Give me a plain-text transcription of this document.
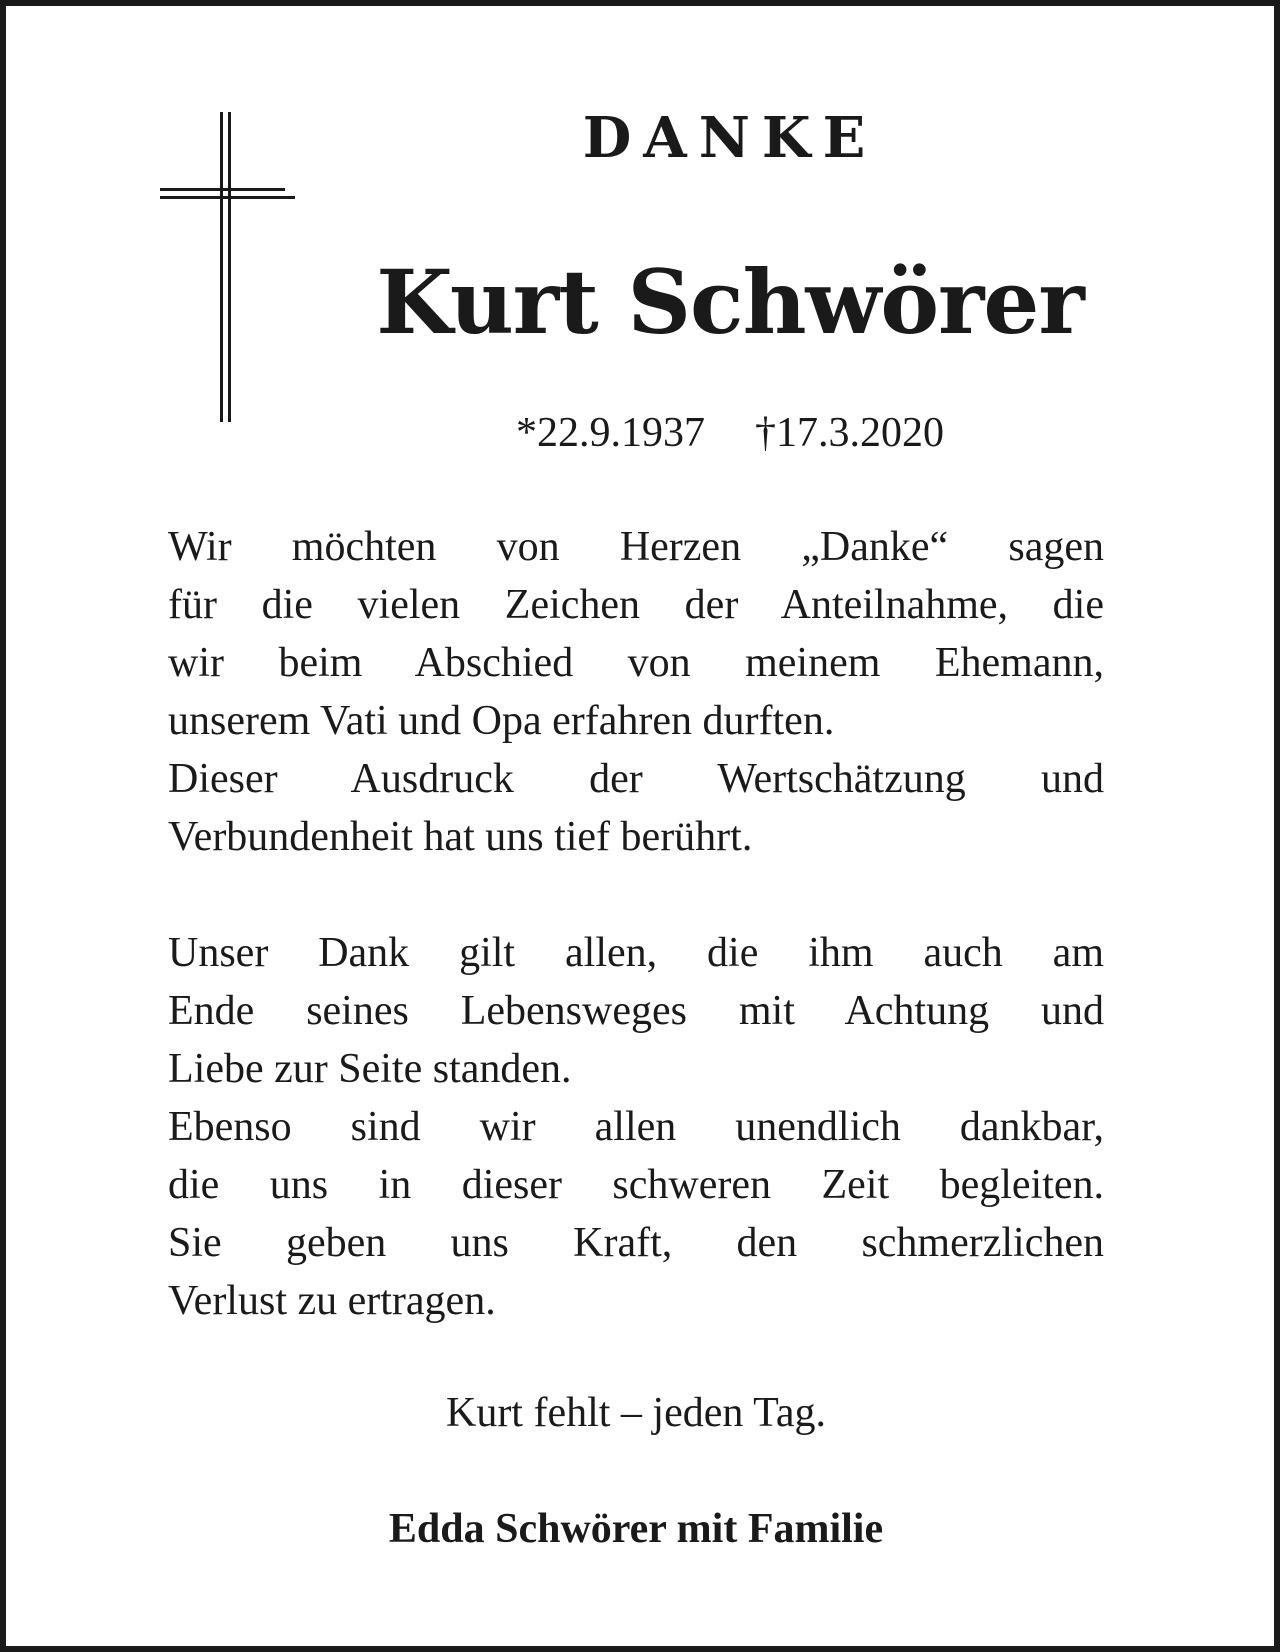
DANKE
Kurt Schwörer
*22.9.1937 †17.3.2020

Wir möchten von Herzen „Danke“ sagen

für die vielen Zeichen der Anteilnahme, die

wir beim Abschied von meinem Ehemann,

unserem Vati und Opa erfahren durften.

Dieser Ausdruck der Wertschätzung und

Verbundenheit hat uns tief berührt.

Unser Dank gilt allen, die ihm auch am

Ende seines Lebensweges mit Achtung und

Liebe zur Seite standen.

Ebenso sind wir allen unendlich dankbar,

die uns in dieser schweren Zeit begleiten.

Sie geben uns Kraft, den schmerzlichen

Verlust zu ertragen.

Kurt fehlt – jeden Tag.
Edda Schwörer mit Familie
